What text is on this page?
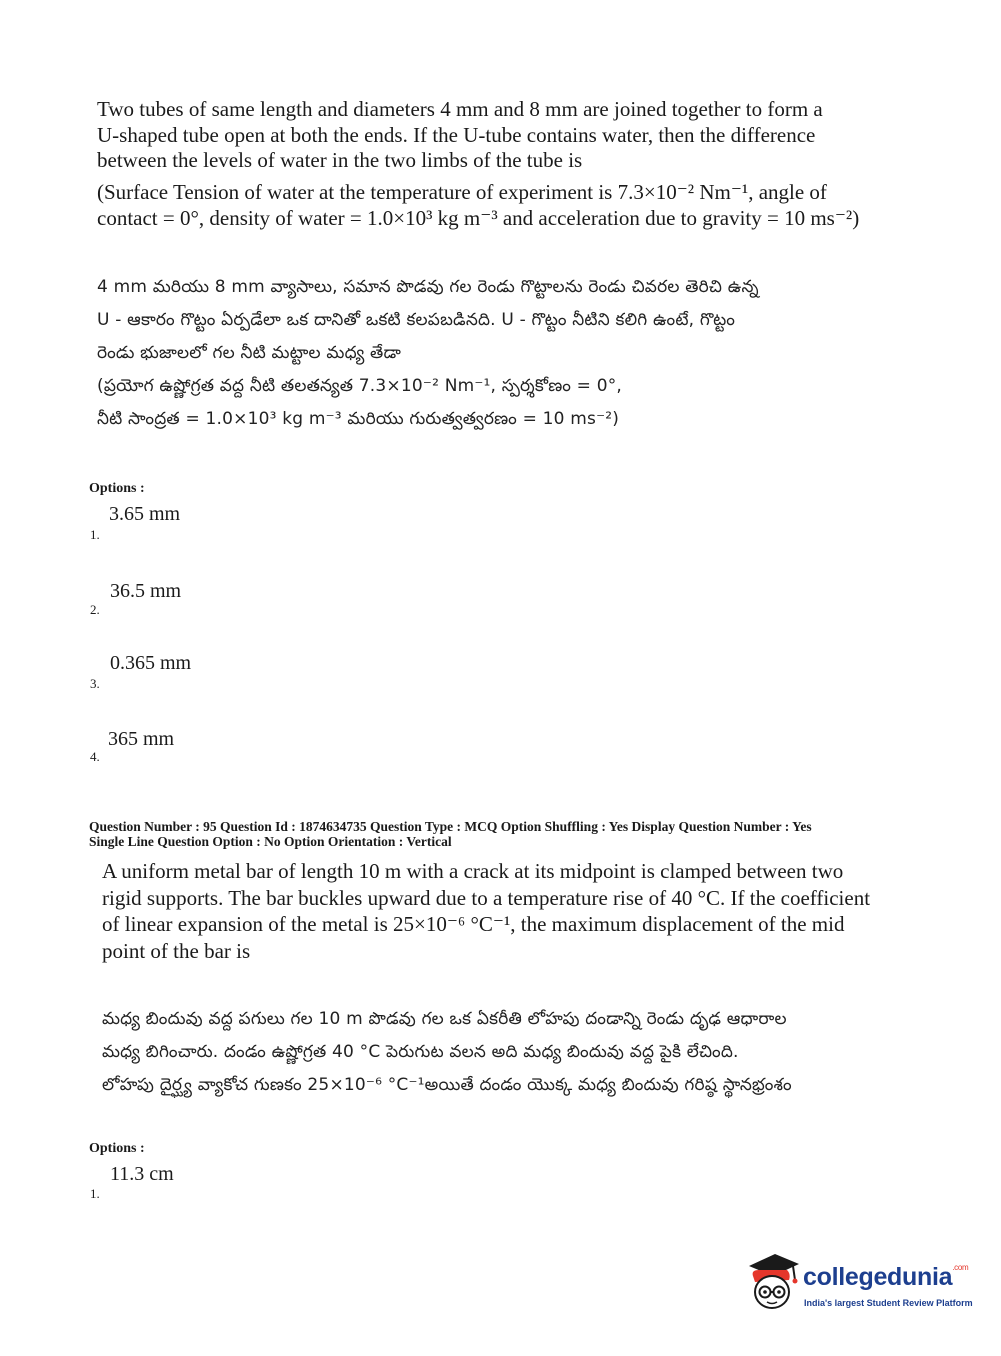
Two tubes of same length and diameters 4 mm and 8 mm are joined together to form a
U-shaped tube open at both the ends. If the U-tube contains water, then the difference
between the levels of water in the two limbs of the tube is
(Surface Tension of water at the temperature of experiment is 7.3×10⁻² Nm⁻¹, angle of
contact = 0°, density of water = 1.0×10³ kg m⁻³ and acceleration due to gravity = 10 ms⁻²)
4 mm మరియు 8 mm వ్యాసాలు, సమాన పొడవు గల రెండు గొట్టాలను రెండు చివరల తెరిచి ఉన్న
U - ఆకారం గొట్టం ఏర్పడేలా ఒక దానితో ఒకటి కలపబడినది. U - గొట్టం నీటిని కలిగి ఉంటే, గొట్టం
రెండు భుజాలలో గల నీటి మట్టాల మధ్య తేడా
(ప్రయోగ ఉష్ణోగ్రత వద్ద నీటి తలతన్యత 7.3×10⁻² Nm⁻¹, స్పర్శకోణం = 0°,
నీటి సాంద్రత = 1.0×10³ kg m⁻³ మరియు గురుత్వత్వరణం = 10 ms⁻²)
Options :
3.65 mm
1.
36.5 mm
2.
0.365 mm
3.
365 mm
4.
Question Number : 95 Question Id : 1874634735 Question Type : MCQ Option Shuffling : Yes Display Question Number : Yes
Single Line Question Option : No Option Orientation : Vertical
A uniform metal bar of length 10 m with a crack at its midpoint is clamped between two
rigid supports. The bar buckles upward due to a temperature rise of 40 °C. If the coefficient
of linear expansion of the metal is 25×10⁻⁶ °C⁻¹, the maximum displacement of the mid
point of the bar is
మధ్య బిందువు వద్ద పగులు గల 10 m పొడవు గల ఒక ఏకరీతి లోహపు దండాన్ని రెండు దృఢ ఆధారాల
మధ్య బిగించారు. దండం ఉష్ణోగ్రత 40 °C పెరుగుట వలన అది మధ్య బిందువు వద్ద పైకి లేచింది.
లోహపు దైర్ఘ్య వ్యాకోచ గుణకం 25×10⁻⁶ °C⁻¹అయితే దండం యొక్క మధ్య బిందువు గరిష్ఠ స్థానభ్రంశం
Options :
11.3 cm
1.
collegedunia$^{.com}$
India's largest Student Review Platform
